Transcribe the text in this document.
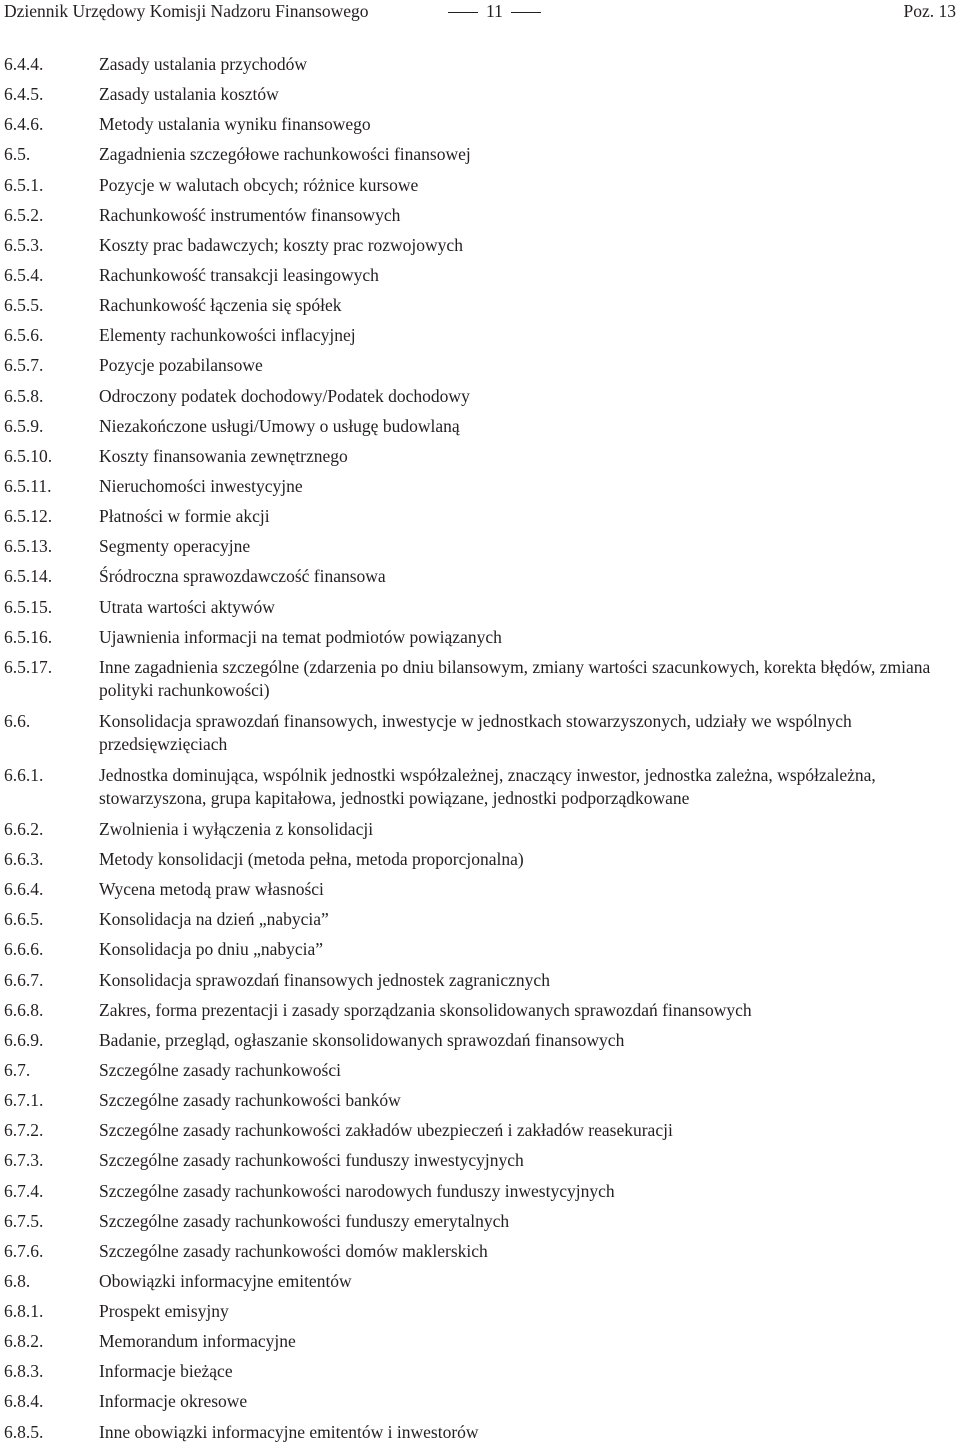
Dziennik Urzędowy Komisji Nadzoru Finansowego	11	Poz. 13
6.4.4.	Zasady ustalania przychodów
6.4.5.	Zasady ustalania kosztów
6.4.6.	Metody ustalania wyniku finansowego
6.5.	Zagadnienia szczegółowe rachunkowości finansowej
6.5.1.	Pozycje w walutach obcych; różnice kursowe
6.5.2.	Rachunkowość instrumentów finansowych
6.5.3.	Koszty prac badawczych; koszty prac rozwojowych
6.5.4.	Rachunkowość transakcji leasingowych
6.5.5.	Rachunkowość łączenia się spółek
6.5.6.	Elementy rachunkowości inflacyjnej
6.5.7.	Pozycje pozabilansowe
6.5.8.	Odroczony podatek dochodowy/Podatek dochodowy
6.5.9.	Niezakończone usługi/Umowy o usługę budowlaną
6.5.10.	Koszty finansowania zewnętrznego
6.5.11.	Nieruchomości inwestycyjne
6.5.12.	Płatności w formie akcji
6.5.13.	Segmenty operacyjne
6.5.14.	Śródroczna sprawozdawczość finansowa
6.5.15.	Utrata wartości aktywów
6.5.16.	Ujawnienia informacji na temat podmiotów powiązanych
6.5.17.	Inne zagadnienia szczególne (zdarzenia po dniu bilansowym, zmiany wartości szacunkowych, korekta błędów, zmiana polityki rachunkowości)
6.6.	Konsolidacja sprawozdań finansowych, inwestycje w jednostkach stowarzyszonych, udziały we wspólnych przedsięwzięciach
6.6.1.	Jednostka dominująca, wspólnik jednostki współzależnej, znaczący inwestor, jednostka zależna, współzależna, stowarzyszona, grupa kapitałowa, jednostki powiązane, jednostki podporządkowane
6.6.2.	Zwolnienia i wyłączenia z konsolidacji
6.6.3.	Metody konsolidacji (metoda pełna, metoda proporcjonalna)
6.6.4.	Wycena metodą praw własności
6.6.5.	Konsolidacja na dzień „nabycia”
6.6.6.	Konsolidacja po dniu „nabycia”
6.6.7.	Konsolidacja sprawozdań finansowych jednostek zagranicznych
6.6.8.	Zakres, forma prezentacji i zasady sporządzania skonsolidowanych sprawozdań finansowych
6.6.9.	Badanie, przegląd, ogłaszanie skonsolidowanych sprawozdań finansowych
6.7.	Szczególne zasady rachunkowości
6.7.1.	Szczególne zasady rachunkowości banków
6.7.2.	Szczególne zasady rachunkowości zakładów ubezpieczeń i zakładów reasekuracji
6.7.3.	Szczególne zasady rachunkowości funduszy inwestycyjnych
6.7.4.	Szczególne zasady rachunkowości narodowych funduszy inwestycyjnych
6.7.5.	Szczególne zasady rachunkowości funduszy emerytalnych
6.7.6.	Szczególne zasady rachunkowości domów maklerskich
6.8.	Obowiązki informacyjne emitentów
6.8.1.	Prospekt emisyjny
6.8.2.	Memorandum informacyjne
6.8.3.	Informacje bieżące
6.8.4.	Informacje okresowe
6.8.5.	Inne obowiązki informacyjne emitentów i inwestorów
